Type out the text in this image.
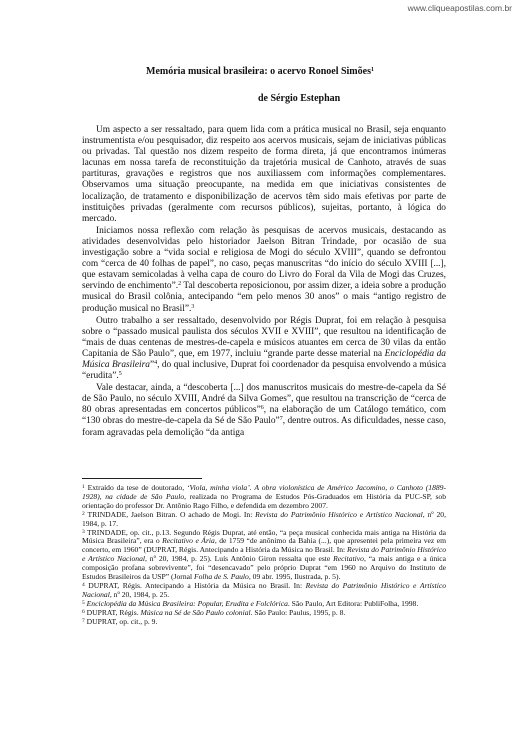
www.cliqueapostilas.com.br
Memória musical brasileira: o acervo Ronoel Simões$^1$
de Sérgio Estephan

Um aspecto a ser ressaltado, para quem lida com a prática musical no Brasil, seja enquanto instrumentista e/ou pesquisador, diz respeito aos acervos musicais, sejam de iniciativas públicas ou privadas. Tal questão nos dizem respeito de forma direta, já que encontramos inúmeras lacunas em nossa tarefa de reconstituição da trajetória musical de Canhoto, através de suas partituras, gravações e registros que nos auxiliassem com informações complementares. Observamos uma situação preocupante, na medida em que iniciativas consistentes de localização, de tratamento e disponibilização de acervos têm sido mais efetivas por parte de instituições privadas (geralmente com recursos públicos), sujeitas, portanto, à lógica do mercado.

Iniciamos nossa reflexão com relação às pesquisas de acervos musicais, destacando as atividades desenvolvidas pelo historiador Jaelson Bitran Trindade, por ocasião de sua investigação sobre a “vida social e religiosa de Mogi do século XVIII”, quando se defrontou com “cerca de 40 folhas de papel”, no caso, peças manuscritas “do início do século XVIII [...], que estavam semicoladas à velha capa de couro do Livro do Foral da Vila de Mogi das Cruzes, servindo de enchimento”.$^2$ Tal descoberta reposicionou, por assim dizer, a ideia sobre a produção musical do Brasil colônia, antecipando “em pelo menos 30 anos” o mais “antigo registro de produção musical no Brasil”.$^3$

Outro trabalho a ser ressaltado, desenvolvido por Régis Duprat, foi em relação à pesquisa sobre o “passado musical paulista dos séculos XVII e XVIII”, que resultou na identificação de “mais de duas centenas de mestres-de-capela e músicos atuantes em cerca de 30 vilas da então Capitania de São Paulo”, que, em 1977, incluiu “grande parte desse material na Enciclopédia da Música Brasileira”$^4$, do qual inclusive, Duprat foi coordenador da pesquisa envolvendo a música “erudita”.$^5$

Vale destacar, ainda, a “descoberta [...] dos manuscritos musicais do mestre-de-capela da Sé de São Paulo, no século XVIII, André da Silva Gomes”, que resultou na transcrição de “cerca de 80 obras apresentadas em concertos públicos”$^6$, na elaboração de um Catálogo temático, com “130 obras do mestre-de-capela da Sé de São Paulo”$^7$, dentre outros. As dificuldades, nesse caso, foram agravadas pela demolição “da antiga

$^1$ Extraído da tese de doutorado, ‘Viola, minha viola’. A obra violonística de Américo Jacomino, o Canhoto (1889-1928), na cidade de São Paulo, realizada no Programa de Estudos Pós-Graduados em História da PUC-SP, sob orientação do professor Dr. Antônio Rago Filho, e defendida em dezembro 2007.
$^2$ TRINDADE, Jaelson Bitran. O achado de Mogi. In: Revista do Patrimônio Histórico e Artístico Nacional, nº 20, 1984, p. 17.
$^3$ TRINDADE, op. cit., p.13. Segundo Régis Duprat, até então, “a peça musical conhecida mais antiga na História da Música Brasileira”, era o Recitativo e Ária, de 1759 “de anônimo da Bahia (...), que apresentei pela primeira vez em concerto, em 1960” (DUPRAT, Régis. Antecipando a História da Música no Brasil. In: Revista do Patrimônio Histórico e Artístico Nacional, nº 20, 1984, p. 25). Luís Antônio Giron ressalta que este Recitativo, “a mais antiga e a única composição profana sobrevivente”, foi “desencavado” pelo próprio Duprat “em 1960 no Arquivo do Instituto de Estudos Brasileiros da USP” (Jornal Folha de S. Paulo, 09 abr. 1995, Ilustrada, p. 5).
$^4$ DUPRAT, Régis. Antecipando a História da Música no Brasil. In: Revista do Patrimônio Histórico e Artístico Nacional, nº 20, 1984, p. 25.
$^5$ Enciclopédia da Música Brasileira: Popular, Erudita e Folclórica. São Paulo, Art Editora: PubliFolha, 1998.
$^6$ DUPRAT, Régis. Música na Sé de São Paulo colonial. São Paulo: Paulus, 1995, p. 8.
$^7$ DUPRAT, op. cit., p. 9.
